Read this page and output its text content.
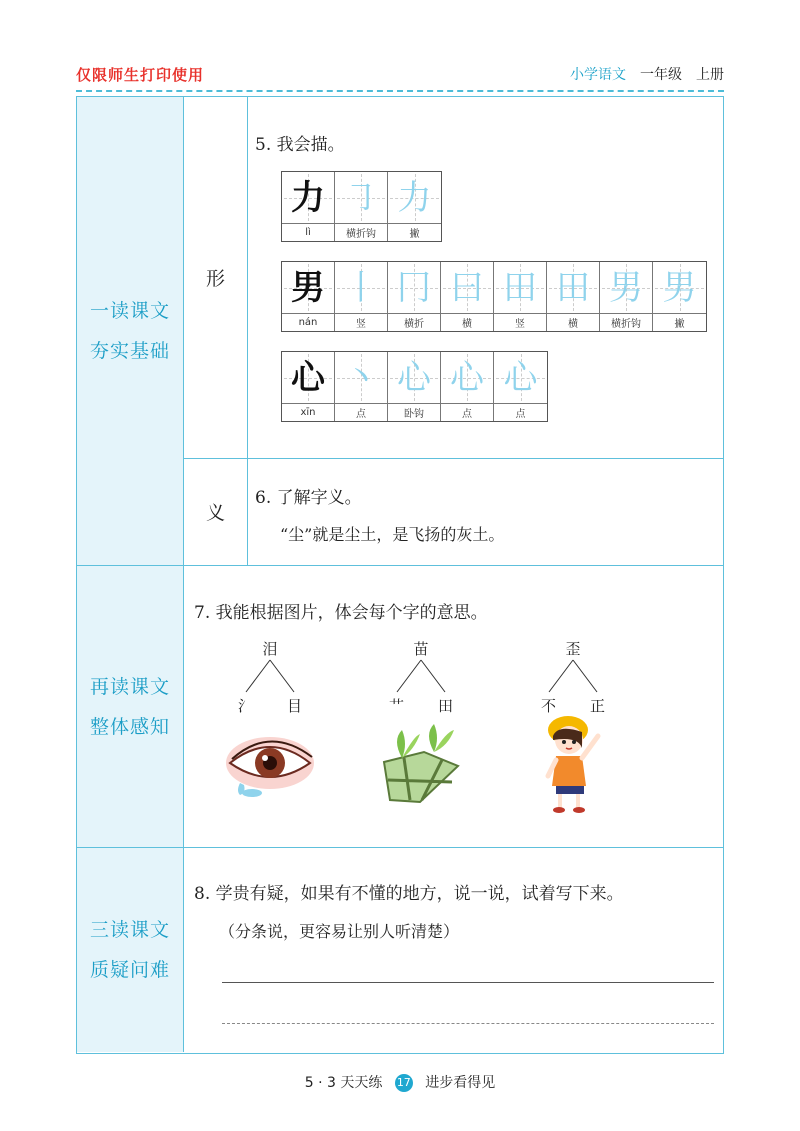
仅限师生打印使用	小学语文 一年级 上册
一读课文
夯实基础
形
义
再读课文
整体感知
三读课文
质疑问难
5. 我会描。
力
lì
㇆
横折钩
力
撇
男
nán
丨
竖
冂
横折
曰
横
田
竖
田
横
男
横折钩
男
撇
心
xīn
丶
点
心
卧钩
心
点
心
点
6. 了解字义。
“尘”就是尘土，是飞扬的灰土。
7. 我能根据图片，体会每个字的意思。
泪
氵 目
苗
艹 田
歪
不 正
8. 学贵有疑，如果有不懂的地方，说一说，试着写下来。
（分条说，更容易让别人听清楚）
5 · 3 天天练 17 进步看得见
